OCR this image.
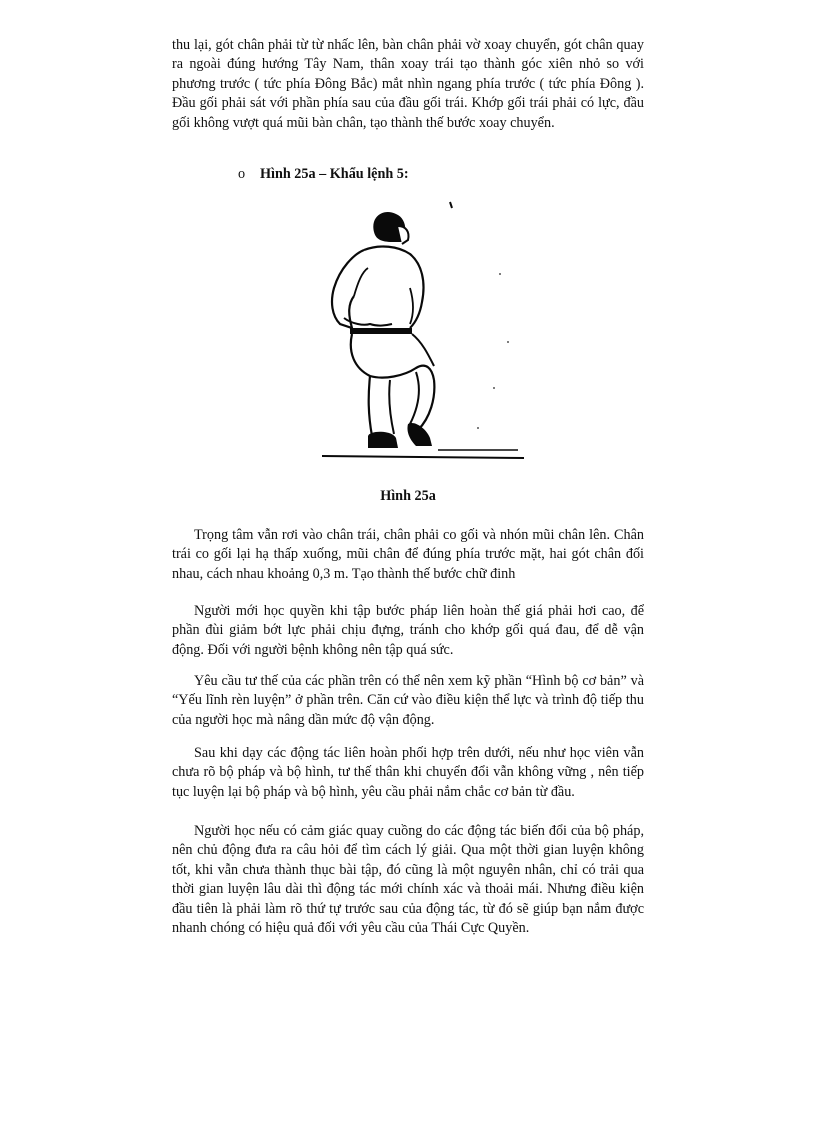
thu lại, gót chân phải từ từ nhấc lên, bàn chân phải vờ xoay chuyển, gót chân quay ra ngoài đúng hướng Tây Nam, thân xoay trái tạo thành góc xiên nhỏ so với phương trước ( tức phía Đông Bắc) mắt nhìn ngang phía trước ( tức phía Đông ). Đầu gối phải sát với phần phía sau của đầu gối trái. Khớp gối trái phải có lực, đầu gối không vượt quá mũi bàn chân, tạo thành thế bước xoay chuyển.

o Hình 25a – Khẩu lệnh 5:
Hình 25a

Trọng tâm vẫn rơi vào chân trái, chân phải co gối và nhón mũi chân lên. Chân trái co gối lại hạ thấp xuống, mũi chân để đúng phía trước mặt, hai gót chân đối nhau, cách nhau khoảng 0,3 m. Tạo thành thế bước chữ đinh

Người mới học quyền khi tập bước pháp liên hoàn thế giá phải hơi cao, để phần đùi giảm bớt lực phải chịu đựng, tránh cho khớp gối quá đau, để dễ vận động. Đối với người bệnh không nên tập quá sức.

Yêu cầu tư thế của các phần trên có thể nên xem kỹ phần “Hình bộ cơ bản” và “Yếu lĩnh rèn luyện” ở phần trên. Căn cứ vào điều kiện thể lực và trình độ tiếp thu của người học mà nâng dần mức độ vận động.

Sau khi dạy các động tác liên hoàn phối hợp trên dưới, nếu như học viên vẫn chưa rõ bộ pháp và bộ hình, tư thế thân khi chuyển đổi vẫn không vững , nên tiếp tục luyện lại bộ pháp và bộ hình, yêu cầu phải nắm chắc cơ bản từ đầu.

Người học nếu có cảm giác quay cuồng do các động tác biến đổi của bộ pháp, nên chủ động đưa ra câu hỏi để tìm cách lý giải. Qua một thời gian luyện không tốt, khi vẫn chưa thành thục bài tập, đó cũng là một nguyên nhân, chỉ có trải qua thời gian luyện lâu dài thì động tác mới chính xác và thoải mái. Nhưng điều kiện đầu tiên là phải làm rõ thứ tự trước sau của động tác, từ đó sẽ giúp bạn nắm được nhanh chóng có hiệu quả đối với yêu cầu của Thái Cực Quyền.
